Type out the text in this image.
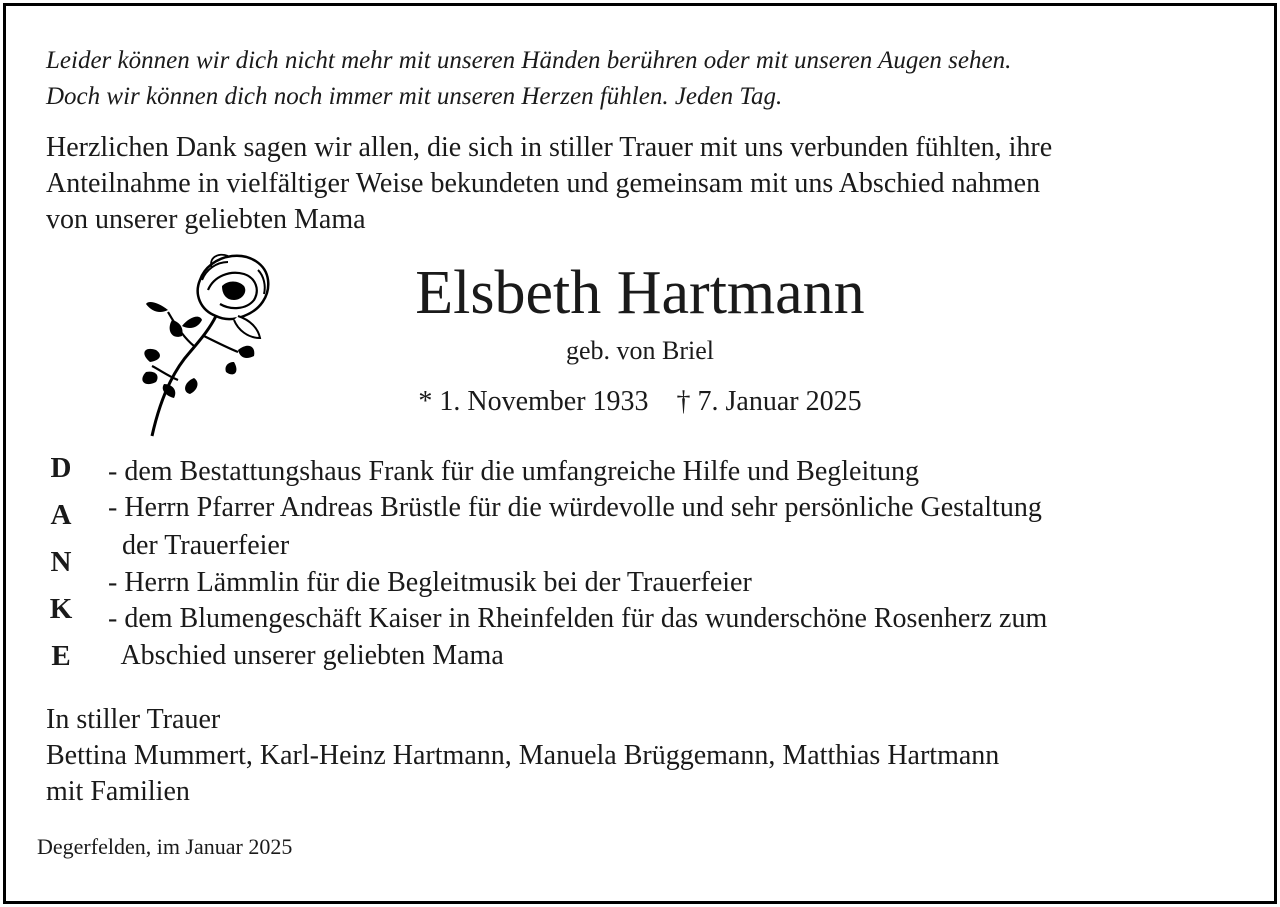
Leider können wir dich nicht mehr mit unseren Händen berühren oder mit unseren Augen sehen.

Doch wir können dich noch immer mit unseren Herzen fühlen. Jeden Tag.

Herzlichen Dank sagen wir allen, die sich in stiller Trauer mit uns verbunden fühlten, ihre

Anteilnahme in vielfältiger Weise bekundeten und gemeinsam mit uns Abschied nahmen

von unserer geliebten Mama

Elsbeth Hartmann

geb. von Briel

* 1. November 1933    † 7. Januar 2025

D
A
N
K
E
- dem Bestattungshaus Frank für die umfangreiche Hilfe und Begleitung
- Herrn Pfarrer Andreas Brüstle für die würdevolle und sehr persönliche Gestaltung
der Trauerfeier
- Herrn Lämmlin für die Begleitmusik bei der Trauerfeier
- dem Blumengeschäft Kaiser in Rheinfelden für das wunderschöne Rosenherz zum
Abschied unserer geliebten Mama

In stiller Trauer

Bettina Mummert, Karl-Heinz Hartmann, Manuela Brüggemann, Matthias Hartmann

mit Familien

Degerfelden, im Januar 2025
